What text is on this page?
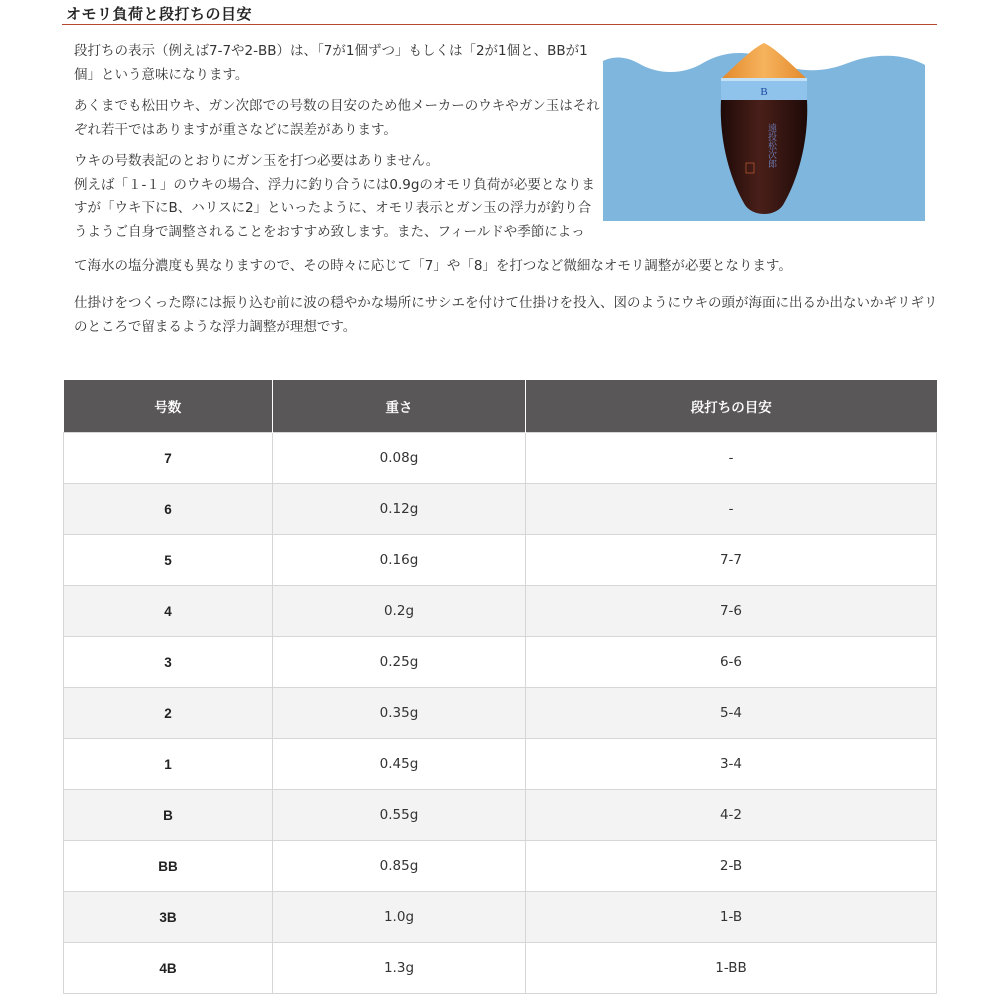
オモリ負荷と段打ちの目安

段打ちの表示（例えば7-7や2-BB）は、「7が1個ずつ」もしくは「2が1個と、BBが1個」という意味になります。

あくまでも松田ウキ、ガン次郎での号数の目安のため他メーカーのウキやガン玉はそれぞれ若干ではありますが重さなどに誤差があります。

ウキの号数表記のとおりにガン玉を打つ必要はありません。
例えば「１-１」のウキの場合、浮力に釣り合うには0.9gのオモリ負荷が必要となりますが「ウキ下にB、ハリスに2」といったように、オモリ表示とガン玉の浮力が釣り合うようご自身で調整されることをおすすめ致します。また、フィールドや季節によっ

て海水の塩分濃度も異なりますので、その時々に応じて「7」や「8」を打つなど微細なオモリ調整が必要となります。

仕掛けをつくった際には振り込む前に波の穏やかな場所にサシエを付けて仕掛けを投入、図のようにウキの頭が海面に出るか出ないかギリギリのところで留まるような浮力調整が理想です。

B
遠投松次郎
号数	重さ	段打ちの目安
7	0.08g	-
6	0.12g	-
5	0.16g	7-7
4	0.2g	7-6
3	0.25g	6-6
2	0.35g	5-4
1	0.45g	3-4
B	0.55g	4-2
BB	0.85g	2-B
3B	1.0g	1-B
4B	1.3g	1-BB
